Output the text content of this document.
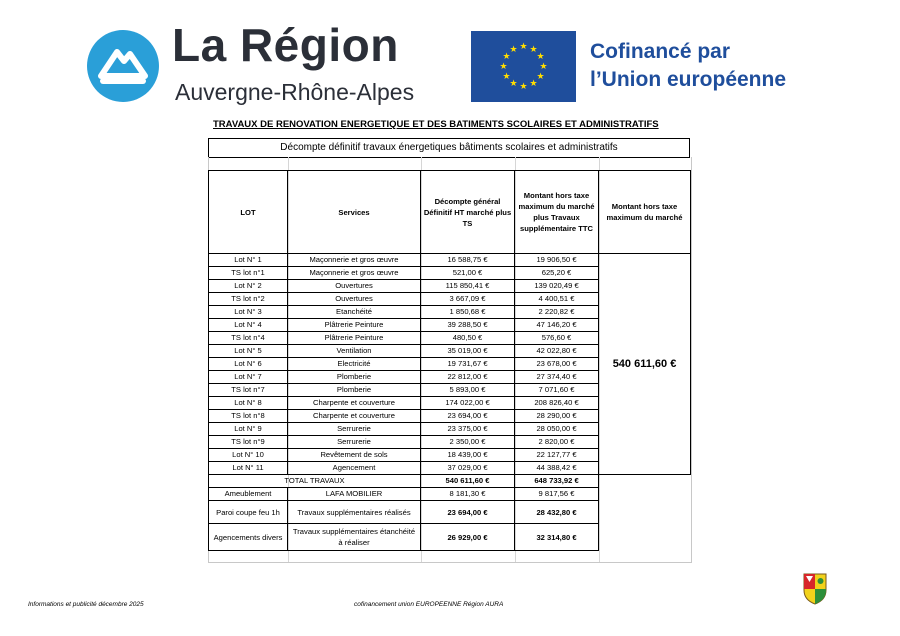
La Région
Auvergne-Rhône-Alpes
★ ★
★
★
★
★
★
★
★
★
★
★	Cofinancé par
l’Union européenne
TRAVAUX DE RENOVATION ENERGETIQUE ET DES BATIMENTS SCOLAIRES ET ADMINISTRATIFS
Décompte définitif travaux énergetiques bâtiments scolaires et administratifs
LOT	Services	Décompte général Définitif HT marché plus TS	Montant hors taxe maximum du marché plus Travaux supplémentaire TTC	Montant hors taxe maximum du marché
Lot N° 1	Maçonnerie et gros œuvre	16 588,75 €	19 906,50 €	540 611,60 €
TS lot n°1	Maçonnerie et gros œuvre	521,00 €	625,20 €	
Lot N° 2	Ouvertures	115 850,41 €	139 020,49 €	
TS lot n°2	Ouvertures	3 667,09 €	4 400,51 €	
Lot N° 3	Etanchéité	1 850,68 €	2 220,82 €	
Lot N° 4	Plâtrerie Peinture	39 288,50 €	47 146,20 €	
TS lot n°4	Plâtrerie Peinture	480,50 €	576,60 €	
Lot N° 5	Ventilation	35 019,00 €	42 022,80 €	
Lot N° 6	Electricité	19 731,67 €	23 678,00 €	
Lot N° 7	Plomberie	22 812,00 €	27 374,40 €	
TS lot n°7	Plomberie	5 893,00 €	7 071,60 €	
Lot N° 8	Charpente et couverture	174 022,00 €	208 826,40 €	
TS lot n°8	Charpente et couverture	23 694,00 €	28 290,00 €	
Lot N° 9	Serrurerie	23 375,00 €	28 050,00 €	
TS lot n°9	Serrurerie	2 350,00 €	2 820,00 €	
Lot N° 10	Revêtement de sols	18 439,00 €	22 127,77 €	
Lot N° 11	Agencement	37 029,00 €	44 388,42 €	
TOTAL TRAVAUX		540 611,60 €	648 733,92 €	
Ameublement	LAFA MOBILIER	8 181,30 €	9 817,56 €	
Paroi coupe feu 1h	Travaux supplémentaires réalisés	23 694,00 €	28 432,80 €	
Agencements divers	Travaux supplémentaires étanchéité à réaliser	26 929,00 €	32 314,80 €	
Informations et publicité décembre 2025	cofinancement union EUROPEENNE Région AURA
